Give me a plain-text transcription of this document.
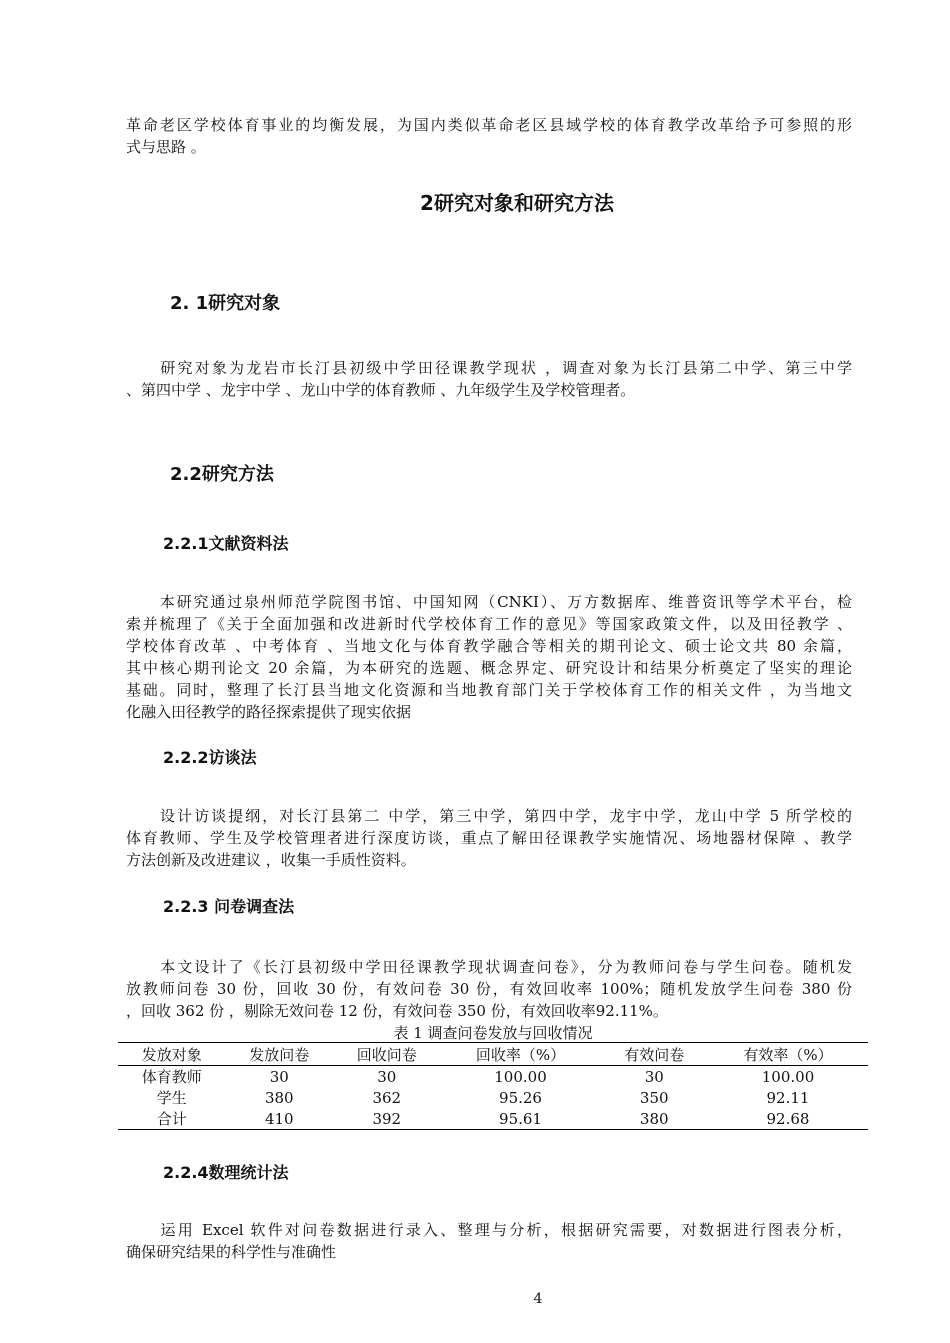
革命老区学校体育事业的均衡发展，为国内类似革命老区县域学校的体育教学改革给予可参照的形
式与思路 。
2研究对象和研究方法
2. 1研究对象
　　研究对象为龙岩市长汀县初级中学田径课教学现状 ，调查对象为长汀县第二中学、第三中学
、第四中学 、龙宇中学 、龙山中学的体育教师 、九年级学生及学校管理者。
2.2研究方法
2.2.1文献资料法
　　本研究通过泉州师范学院图书馆、中国知网（CNKI）、万方数据库、维普资讯等学术平台，检
索并梳理了《关于全面加强和改进新时代学校体育工作的意见》等国家政策文件，以及田径教学 、
学校体育改革 、中考体育 、当地文化与体育教学融合等相关的期刊论文、硕士论文共 80 余篇，
其中核心期刊论文 20 余篇，为本研究的选题、概念界定、研究设计和结果分析奠定了坚实的理论
基础。同时，整理了长汀县当地文化资源和当地教育部门关于学校体育工作的相关文件 ，为当地文
化融入田径教学的路径探索提供了现实依据
2.2.2访谈法
　　设计访谈提纲，对长汀县第二 中学，第三中学，第四中学，龙宇中学，龙山中学 5 所学校的
体育教师、学生及学校管理者进行深度访谈，重点了解田径课教学实施情况、场地器材保障 、教学
方法创新及改进建议 ，收集一手质性资料。
2.2.3 问卷调查法
　　本文设计了《长汀县初级中学田径课教学现状调查问卷》，分为教师问卷与学生问卷。随机发
放教师问卷 30 份，回收 30 份，有效问卷 30 份，有效回收率 100%；随机发放学生问卷 380 份
，回收 362 份 ，剔除无效问卷 12 份，有效问卷 350 份，有效回收率92.11%。
表 1 调查问卷发放与回收情况
发放对象	发放问卷	回收问卷	回收率（%）	有效问卷	有效率（%）
体育教师	30	30	100.00	30	100.00
学生	380	362	95.26	350	92.11
合计	410	392	95.61	380	92.68
2.2.4数理统计法
　　运用 Excel 软件对问卷数据进行录入、整理与分析，根据研究需要，对数据进行图表分析，
确保研究结果的科学性与准确性
4
